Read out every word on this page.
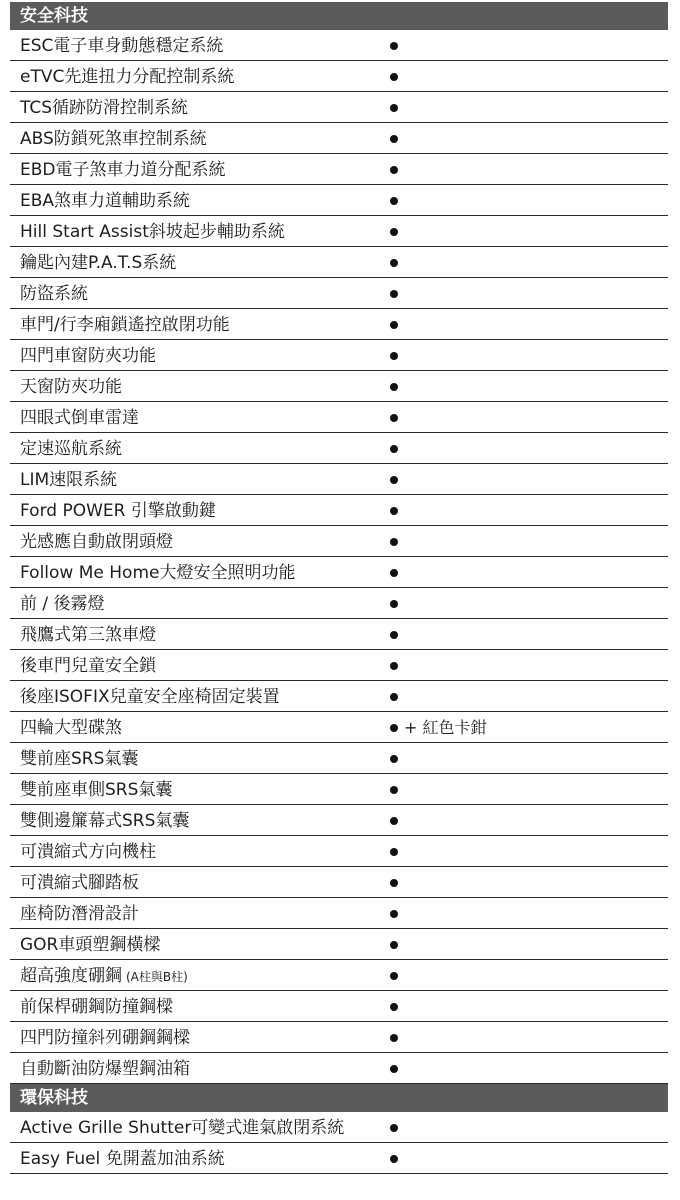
安全科技
ESC電子車身動態穩定系統
eTVC先進扭力分配控制系統
TCS循跡防滑控制系統
ABS防鎖死煞車控制系統
EBD電子煞車力道分配系統
EBA煞車力道輔助系統
Hill Start Assist斜坡起步輔助系統
鑰匙內建P.A.T.S系統
防盜系統
車門/行李廂鎖遙控啟閉功能
四門車窗防夾功能
天窗防夾功能
四眼式倒車雷達
定速巡航系統
LIM速限系統
Ford POWER 引擎啟動鍵
光感應自動啟閉頭燈
Follow Me Home大燈安全照明功能
前 / 後霧燈
飛鷹式第三煞車燈
後車門兒童安全鎖
後座ISOFIX兒童安全座椅固定裝置
四輪大型碟煞	+ 紅色卡鉗
雙前座SRS氣囊
雙前座車側SRS氣囊
雙側邊簾幕式SRS氣囊
可潰縮式方向機柱
可潰縮式腳踏板
座椅防潛滑設計
GOR車頭塑鋼橫樑
超高強度硼鋼 (A柱與B柱)
前保桿硼鋼防撞鋼樑
四門防撞斜列硼鋼鋼樑
自動斷油防爆塑鋼油箱
環保科技
Active Grille Shutter可變式進氣啟閉系統
Easy Fuel 免開蓋加油系統
